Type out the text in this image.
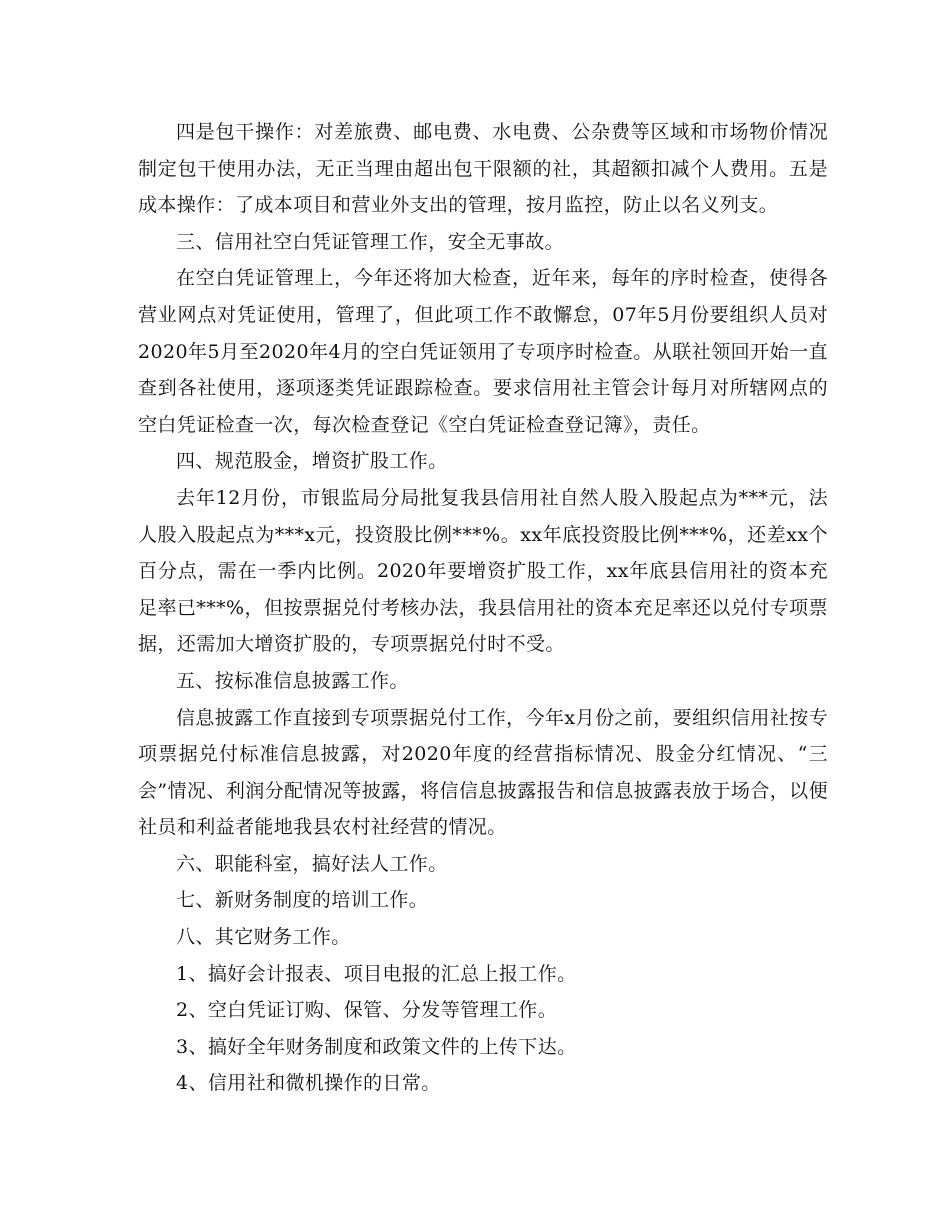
四是包干操作：对差旅费、邮电费、水电费、公杂费等区域和市场物价情况制定包干使用办法，无正当理由超出包干限额的社，其超额扣减个人费用。五是成本操作：了成本项目和营业外支出的管理，按月监控，防止以名义列支。

三、信用社空白凭证管理工作，安全无事故。

在空白凭证管理上，今年还将加大检查，近年来，每年的序时检查，使得各营业网点对凭证使用，管理了，但此项工作不敢懈怠，07年5月份要组织人员对2020年5月至2020年4月的空白凭证领用了专项序时检查。从联社领回开始一直查到各社使用，逐项逐类凭证跟踪检查。要求信用社主管会计每月对所辖网点的空白凭证检查一次，每次检查登记《空白凭证检查登记簿》，责任。

四、规范股金，增资扩股工作。

去年12月份，市银监局分局批复我县信用社自然人股入股起点为***元，法人股入股起点为***x元，投资股比例***%。xx年底投资股比例***%，还差xx个百分点，需在一季内比例。2020年要增资扩股工作，xx年底县信用社的资本充足率已***%，但按票据兑付考核办法，我县信用社的资本充足率还以兑付专项票据，还需加大增资扩股的，专项票据兑付时不受。

五、按标准信息披露工作。

信息披露工作直接到专项票据兑付工作，今年x月份之前，要组织信用社按专项票据兑付标准信息披露，对2020年度的经营指标情况、股金分红情况、“三会”情况、利润分配情况等披露，将信信息披露报告和信息披露表放于场合，以便社员和利益者能地我县农村社经营的情况。

六、职能科室，搞好法人工作。

七、新财务制度的培训工作。

八、其它财务工作。

1、搞好会计报表、项目电报的汇总上报工作。

2、空白凭证订购、保管、分发等管理工作。

3、搞好全年财务制度和政策文件的上传下达。

4、信用社和微机操作的日常。
